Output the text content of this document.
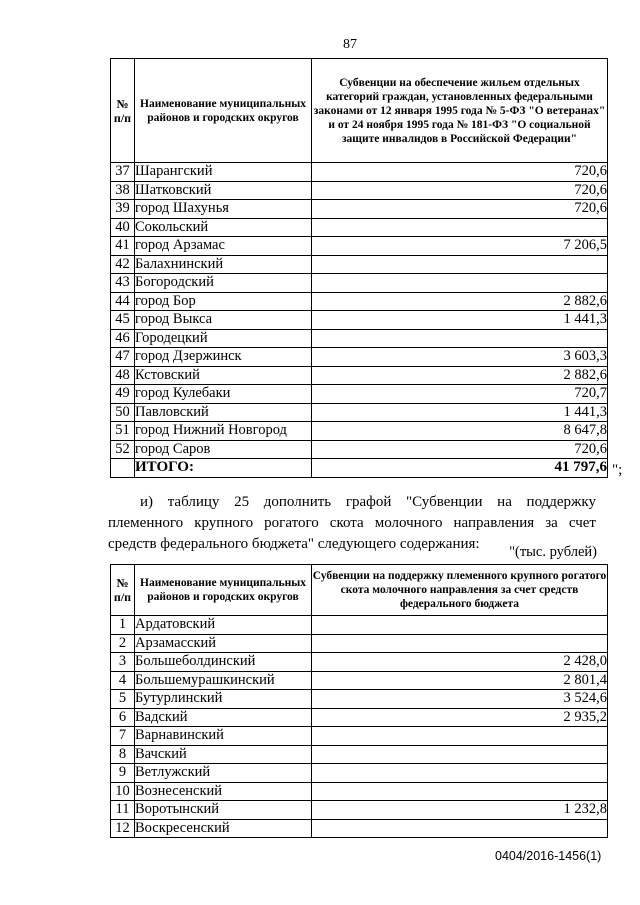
87
№ п/п	Наименование муниципальных районов и городских округов	Субвенции на обеспечение жильем отдельных категорий граждан, установленных федеральными законами от 12 января 1995 года № 5-ФЗ "О ветеранах" и от 24 ноября 1995 года № 181-ФЗ "О социальной защите инвалидов в Российской Федерации"
37	Шарангский	720,6
38	Шатковский	720,6
39	город Шахунья	720,6
40	Сокольский	
41	город Арзамас	7 206,5
42	Балахнинский	
43	Богородский	
44	город Бор	2 882,6
45	город Выкса	1 441,3
46	Городецкий	
47	город Дзержинск	3 603,3
48	Кстовский	2 882,6
49	город Кулебаки	720,7
50	Павловский	1 441,3
51	город Нижний Новгород	8 647,8
52	город Саров	720,6
	ИТОГО:	41 797,6 ";
и) таблицу 25 дополнить графой "Субвенции на поддержку племенного крупного рогатого скота молочного направления за счет средств федерального бюджета" следующего содержания:	"(тыс. рублей)
№ п/п	Наименование муниципальных районов и городских округов	Субвенции на поддержку племенного крупного рогатого скота молочного направления за счет средств федерального бюджета
1	Ардатовский	
2	Арзамасский	
3	Большеболдинский	2 428,0
4	Большемурашкинский	2 801,4
5	Бутурлинский	3 524,6
6	Вадский	2 935,2
7	Варнавинский	
8	Вачский	
9	Ветлужский	
10	Вознесенский	
11	Воротынский	1 232,8
12	Воскресенский	
0404/2016-1456(1)
